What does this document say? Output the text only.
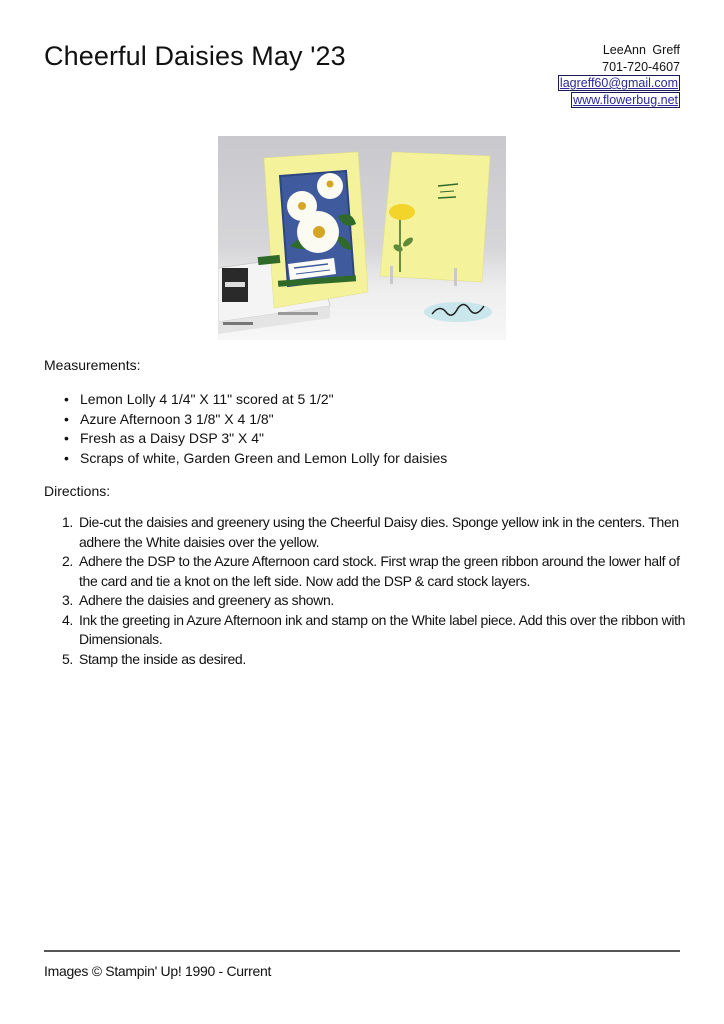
Cheerful Daisies May '23	LeeAnn Greff
701-720-4607
lagreff60@gmail.com
www.flowerbug.net
Measurements:
• Lemon Lolly 4 1/4" X 11" scored at 5 1/2"
• Azure Afternoon 3 1/8" X 4 1/8"
• Fresh as a Daisy DSP 3" X 4"
• Scraps of white, Garden Green and Lemon Lolly for daisies
Directions:
1. Die-cut the daisies and greenery using the Cheerful Daisy dies. Sponge yellow ink in the centers. Then adhere the White daisies over the yellow.
2. Adhere the DSP to the Azure Afternoon card stock. First wrap the green ribbon around the lower half of the card and tie a knot on the left side. Now add the DSP & card stock layers.
3. Adhere the daisies and greenery as shown.
4. Ink the greeting in Azure Afternoon ink and stamp on the White label piece. Add this over the ribbon with Dimensionals.
5. Stamp the inside as desired.
Images © Stampin' Up! 1990 - Current
